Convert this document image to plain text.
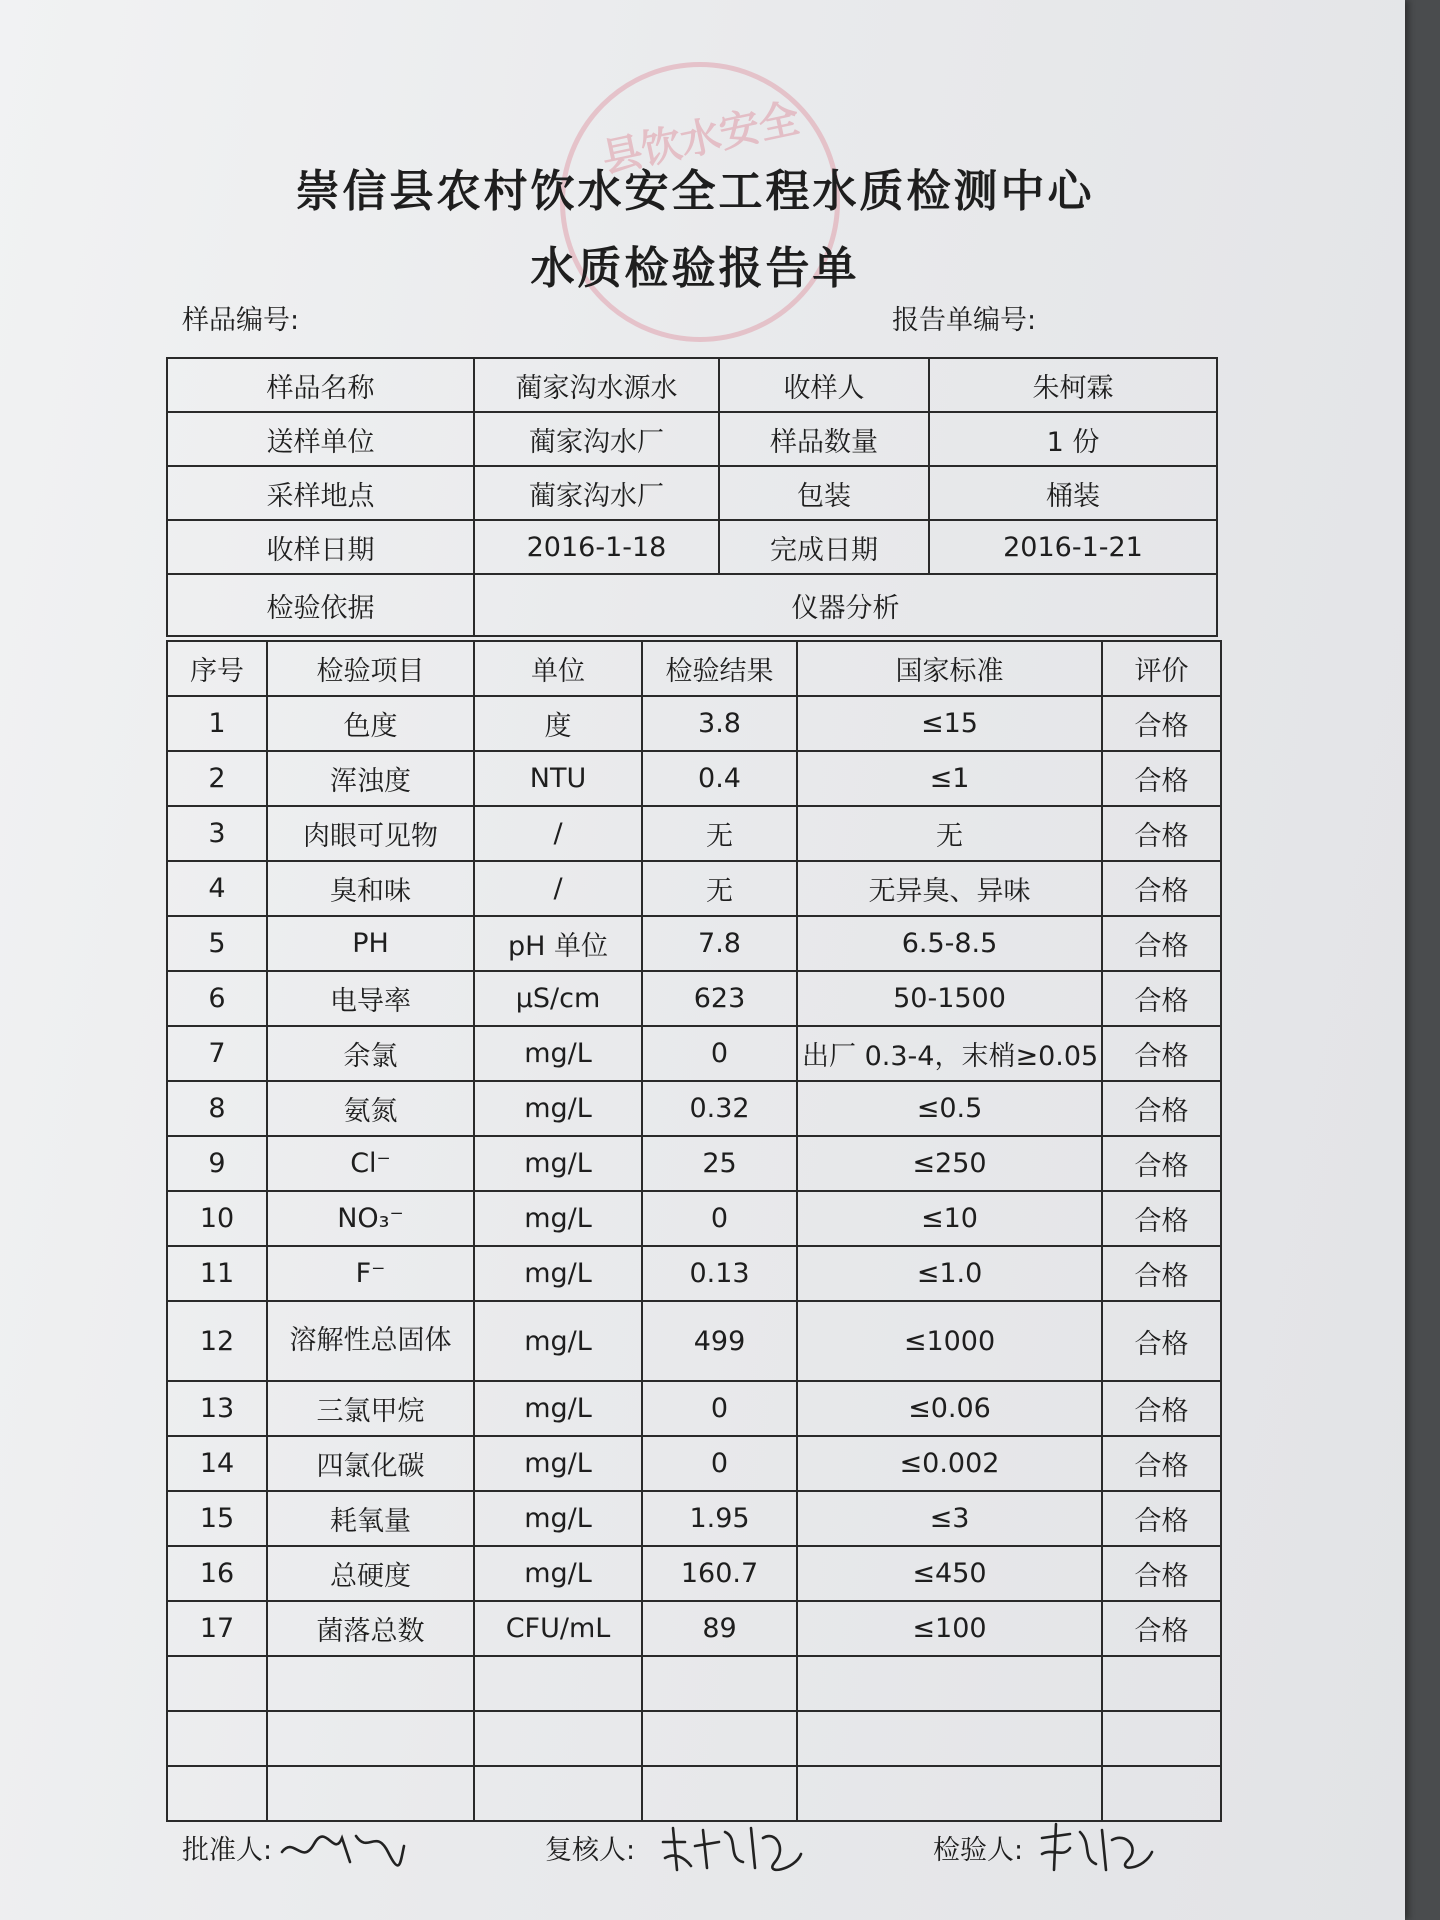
县饮水安全
崇信县农村饮水安全工程水质检测中心
水质检验报告单
样品编号:	报告单编号:
样品名称	蔺家沟水源水	收样人	朱柯霖
送样单位	蔺家沟水厂	样品数量	1 份
采样地点	蔺家沟水厂	包装	桶装
收样日期	2016-1-18	完成日期	2016-1-21
检验依据	仪器分析		
序号	检验项目	单位	检验结果	国家标准	评价
1	色度	度	3.8	≤15	合格
2	浑浊度	NTU	0.4	≤1	合格
3	肉眼可见物	/	无	无	合格
4	臭和味	/	无	无异臭、异味	合格
5	PH	pH 单位	7.8	6.5-8.5	合格
6	电导率	μS/cm	623	50-1500	合格
7	余氯	mg/L	0	出厂 0.3-4，末梢≥0.05	合格
8	氨氮	mg/L	0.32	≤0.5	合格
9	Cl⁻	mg/L	25	≤250	合格
10	NO₃⁻	mg/L	0	≤10	合格
11	F⁻	mg/L	0.13	≤1.0	合格
12	溶解性总固体	mg/L	499	≤1000	合格
13	三氯甲烷	mg/L	0	≤0.06	合格
14	四氯化碳	mg/L	0	≤0.002	合格
15	耗氧量	mg/L	1.95	≤3	合格
16	总硬度	mg/L	160.7	≤450	合格
17	菌落总数	CFU/mL	89	≤100	合格

批准人:	复核人:	检验人:
